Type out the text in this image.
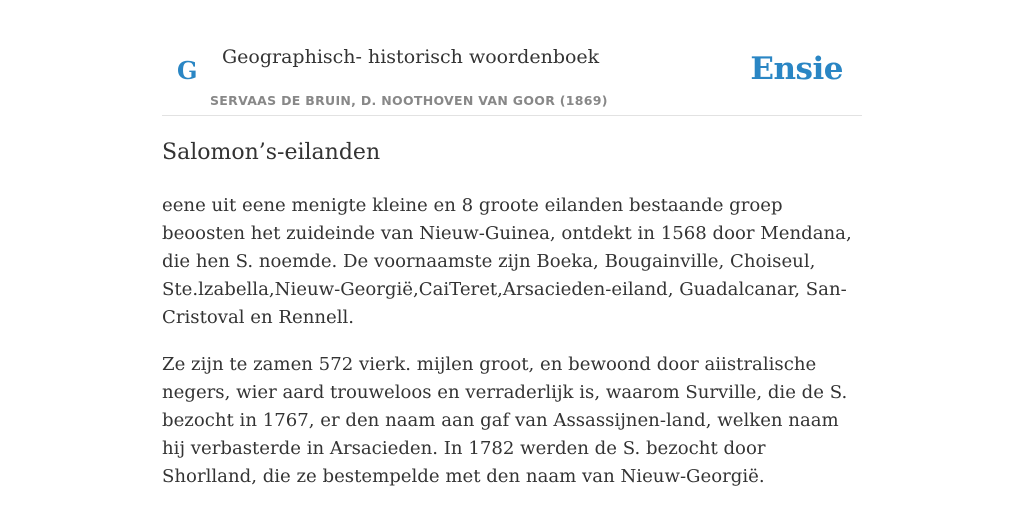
G Geographisch- historisch woordenboek
SERVAAS DE BRUIN, D. NOOTHOVEN VAN GOOR (1869)
Ensie
Salomon’s-eilanden

eene uit eene menigte kleine en 8 groote eilanden bestaande groep beoosten het zuideinde van Nieuw-Guinea, ontdekt in 1568 door Mendana, die hen S. noemde. De voornaamste zijn Boeka, Bougainville, Choiseul, Ste.lzabella,Nieuw-Georgië,CaiTeret,Arsacieden-eiland, Guadalcanar, San-Cristoval en Rennell.

Ze zijn te zamen 572 vierk. mijlen groot, en bewoond door aiistralische negers, wier aard trouweloos en verraderlijk is, waarom Surville, die de S. bezocht in 1767, er den naam aan gaf van Assassijnen-land, welken naam hij verbasterde in Arsacieden. In 1782 werden de S. bezocht door Shorlland, die ze bestempelde met den naam van Nieuw-Georgië.
